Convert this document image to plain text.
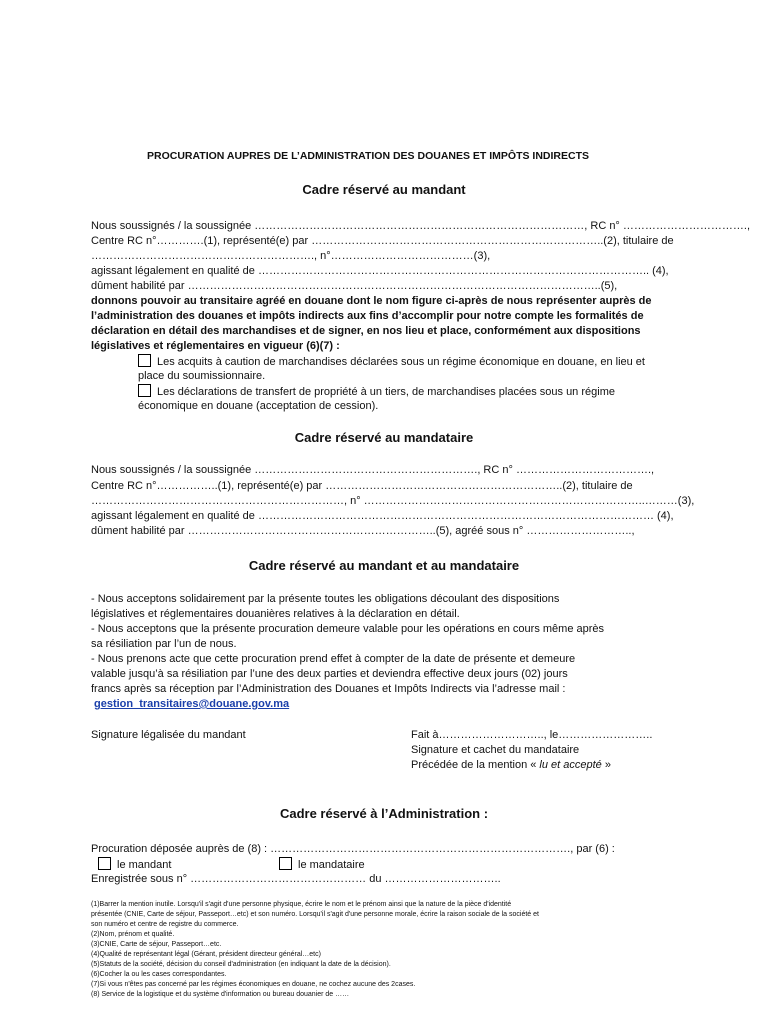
PROCURATION AUPRES DE L’ADMINISTRATION DES DOUANES ET IMPÔTS INDIRECTS
Cadre réservé au mandant
Nous soussignés / la soussignée ………………………………………………………………………………, RC n° …………………………….,
Centre RC n°………….(1), représenté(e) par ……………………………………………………………………..(2), titulaire de
……………………………………………………., n°…………………………………(3),
agissant légalement en qualité de …………………………………………………………………………………………….. (4),
dûment habilité par …………………………………………………………………………………………………..(5),
donnons pouvoir au transitaire agréé en douane dont le nom figure ci-après de nous représenter auprès de
l’administration des douanes et impôts indirects aux fins d’accomplir pour notre compte les formalités de
déclaration en détail des marchandises et de signer, en nos lieu et place, conformément aux dispositions
législatives et réglementaires en vigueur (6)(7) :
Les acquits à caution de marchandises déclarées sous un régime économique en douane, en lieu et
place du soumissionnaire.
Les déclarations de transfert de propriété à un tiers, de marchandises placées sous un régime
économique en douane (acceptation de cession).
Cadre réservé au mandataire
Nous soussignés / la soussignée ……………………………………………………., RC n° ……………………………….,
Centre RC n°……………..(1), représenté(e) par ………………………………………………………..(2), titulaire de
……………………………………………………………, n° …………………………………………………………………..………(3),
agissant légalement en qualité de ……………………………………………………………………………………………… (4),
dûment habilité par …………………………………………………………..(5), agréé sous n° ………………………..,
Cadre réservé au mandant et au mandataire
- Nous acceptons solidairement par la présente toutes les obligations découlant des dispositions
législatives et réglementaires douanières relatives à la déclaration en détail.
- Nous acceptons que la présente procuration demeure valable pour les opérations en cours même après
sa résiliation par l’un de nous.
- Nous prenons acte que cette procuration prend effet à compter de la date de présente et demeure
valable jusqu’à sa résiliation par l’une des deux parties et deviendra effective deux jours (02) jours
francs après sa réception par l’Administration des Douanes et Impôts Indirects via l’adresse mail :
gestion_transitaires@douane.gov.ma
Signature légalisée du mandant	Fait à……………………….., le……………………..
Signature et cachet du mandataire
Précédée de la mention « lu et accepté »
Cadre réservé à l’Administration :
Procuration déposée auprès de (8) : ………………………………………………………………………., par (6) :
le mandant	le mandataire
Enregistrée sous n° ………………………………………… du …………………………..
(1)Barrer la mention inutile. Lorsqu'il s'agit d'une personne physique, écrire le nom et le prénom ainsi que la nature de la pièce d'identité
présentée (CNIE, Carte de séjour, Passeport…etc) et son numéro. Lorsqu'il s'agit d'une personne morale, écrire la raison sociale de la société et
son numéro et centre de registre du commerce.
(2)Nom, prénom et qualité.
(3)CNIE, Carte de séjour, Passeport…etc.
(4)Qualité de représentant légal (Gérant, président directeur général…etc)
(5)Statuts de la société, décision du conseil d'administration (en indiquant la date de la décision).
(6)Cocher la ou les cases correspondantes.
(7)Si vous n'êtes pas concerné par les régimes économiques en douane, ne cochez aucune des 2cases.
(8) Service de la logistique et du système d'information ou bureau douanier de ……
